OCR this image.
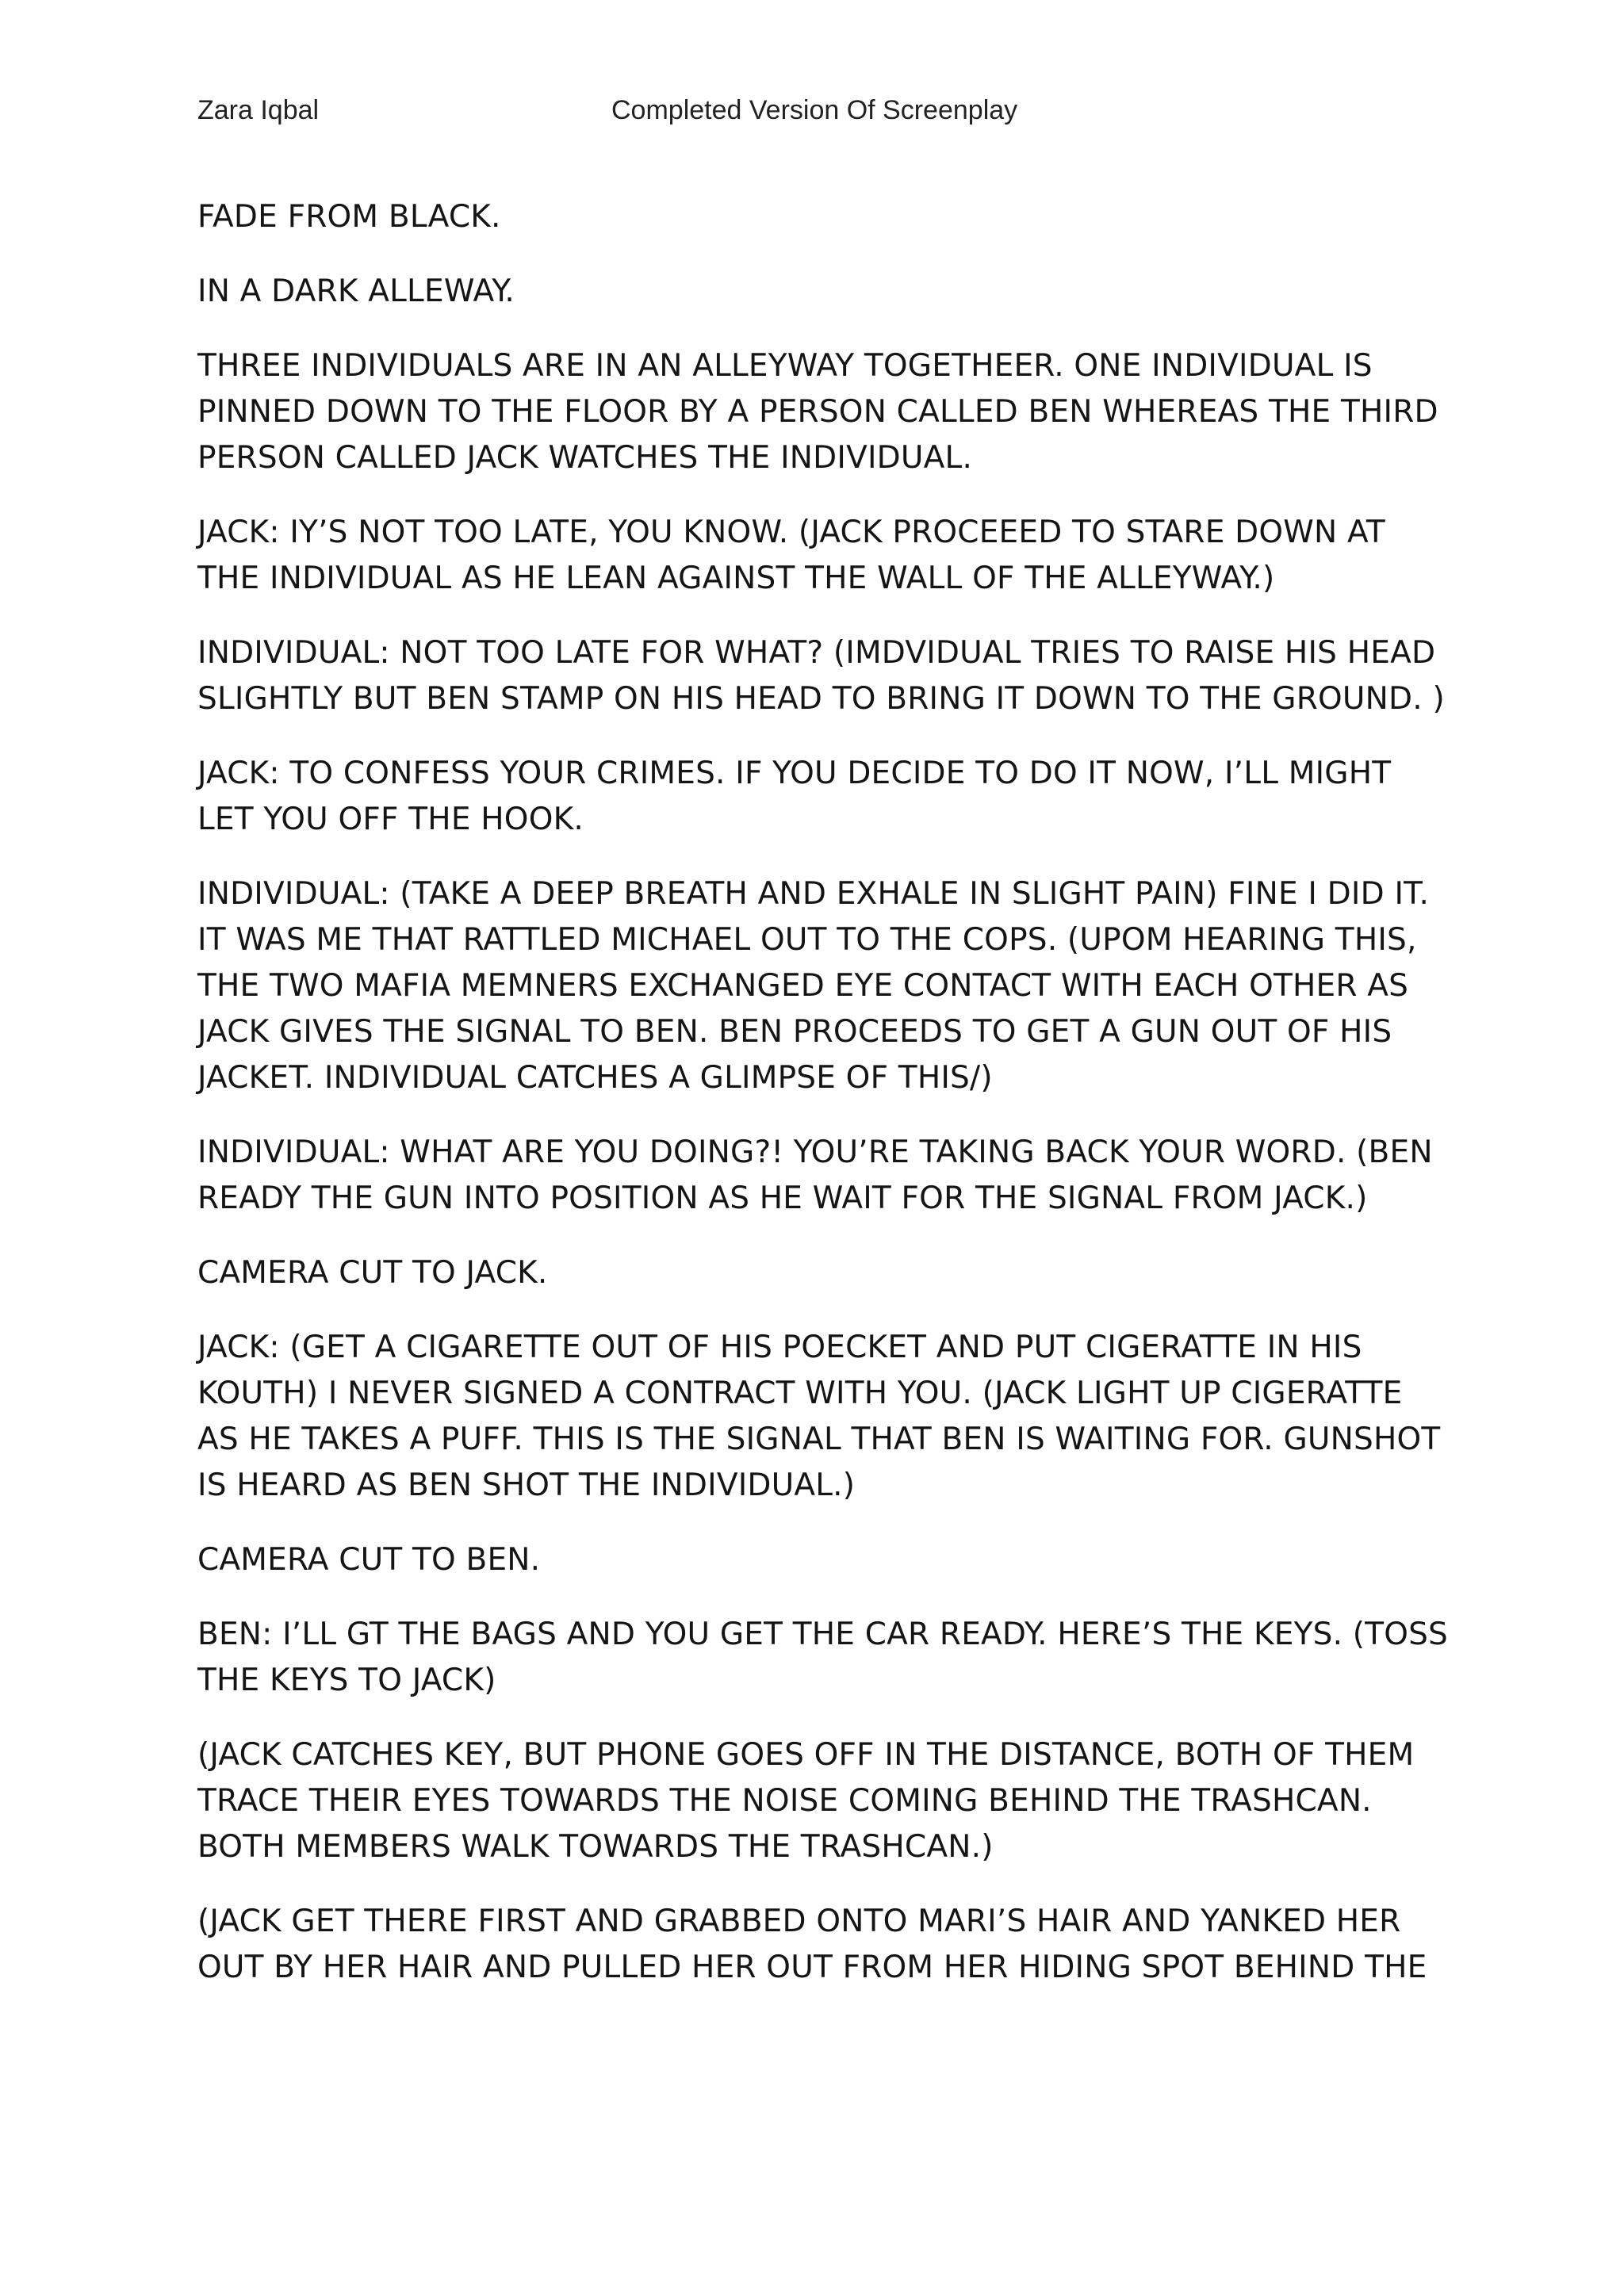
Zara Iqbal	Completed Version Of Screenplay

FADE FROM BLACK.

IN A DARK ALLEWAY.

THREE INDIVIDUALS ARE IN AN ALLEYWAY TOGETHEER. ONE INDIVIDUAL IS PINNED DOWN TO THE FLOOR BY A PERSON CALLED BEN WHEREAS THE THIRD PERSON CALLED JACK WATCHES THE INDIVIDUAL.

JACK: IY’S NOT TOO LATE, YOU KNOW. (JACK PROCEEED TO STARE DOWN AT THE INDIVIDUAL AS HE LEAN AGAINST THE WALL OF THE ALLEYWAY.)

INDIVIDUAL: NOT TOO LATE FOR WHAT? (IMDVIDUAL TRIES TO RAISE HIS HEAD SLIGHTLY BUT BEN STAMP ON HIS HEAD TO BRING IT DOWN TO THE GROUND. )

JACK: TO CONFESS YOUR CRIMES. IF YOU DECIDE TO DO IT NOW, I’LL MIGHT LET YOU OFF THE HOOK.

INDIVIDUAL: (TAKE A DEEP BREATH AND EXHALE IN SLIGHT PAIN) FINE I DID IT. IT WAS ME THAT RATTLED MICHAEL OUT TO THE COPS. (UPOM HEARING THIS, THE TWO MAFIA MEMNERS EXCHANGED EYE CONTACT WITH EACH OTHER AS JACK GIVES THE SIGNAL TO BEN. BEN PROCEEDS TO GET A GUN OUT OF HIS JACKET. INDIVIDUAL CATCHES A GLIMPSE OF THIS/)

INDIVIDUAL: WHAT ARE YOU DOING?! YOU’RE TAKING BACK YOUR WORD. (BEN READY THE GUN INTO POSITION AS HE WAIT FOR THE SIGNAL FROM JACK.)

CAMERA CUT TO JACK.

JACK: (GET A CIGARETTE OUT OF HIS POECKET AND PUT CIGERATTE IN HIS KOUTH) I NEVER SIGNED A CONTRACT WITH YOU. (JACK LIGHT UP CIGERATTE AS HE TAKES A PUFF. THIS IS THE SIGNAL THAT BEN IS WAITING FOR. GUNSHOT IS HEARD AS BEN SHOT THE INDIVIDUAL.)

CAMERA CUT TO BEN.

BEN: I’LL GT THE BAGS AND YOU GET THE CAR READY. HERE’S THE KEYS. (TOSS THE KEYS TO JACK)

(JACK CATCHES KEY, BUT PHONE GOES OFF IN THE DISTANCE, BOTH OF THEM TRACE THEIR EYES TOWARDS THE NOISE COMING BEHIND THE TRASHCAN. BOTH MEMBERS WALK TOWARDS THE TRASHCAN.)

(JACK GET THERE FIRST AND GRABBED ONTO MARI’S HAIR AND YANKED HER OUT BY HER HAIR AND PULLED HER OUT FROM HER HIDING SPOT BEHIND THE
